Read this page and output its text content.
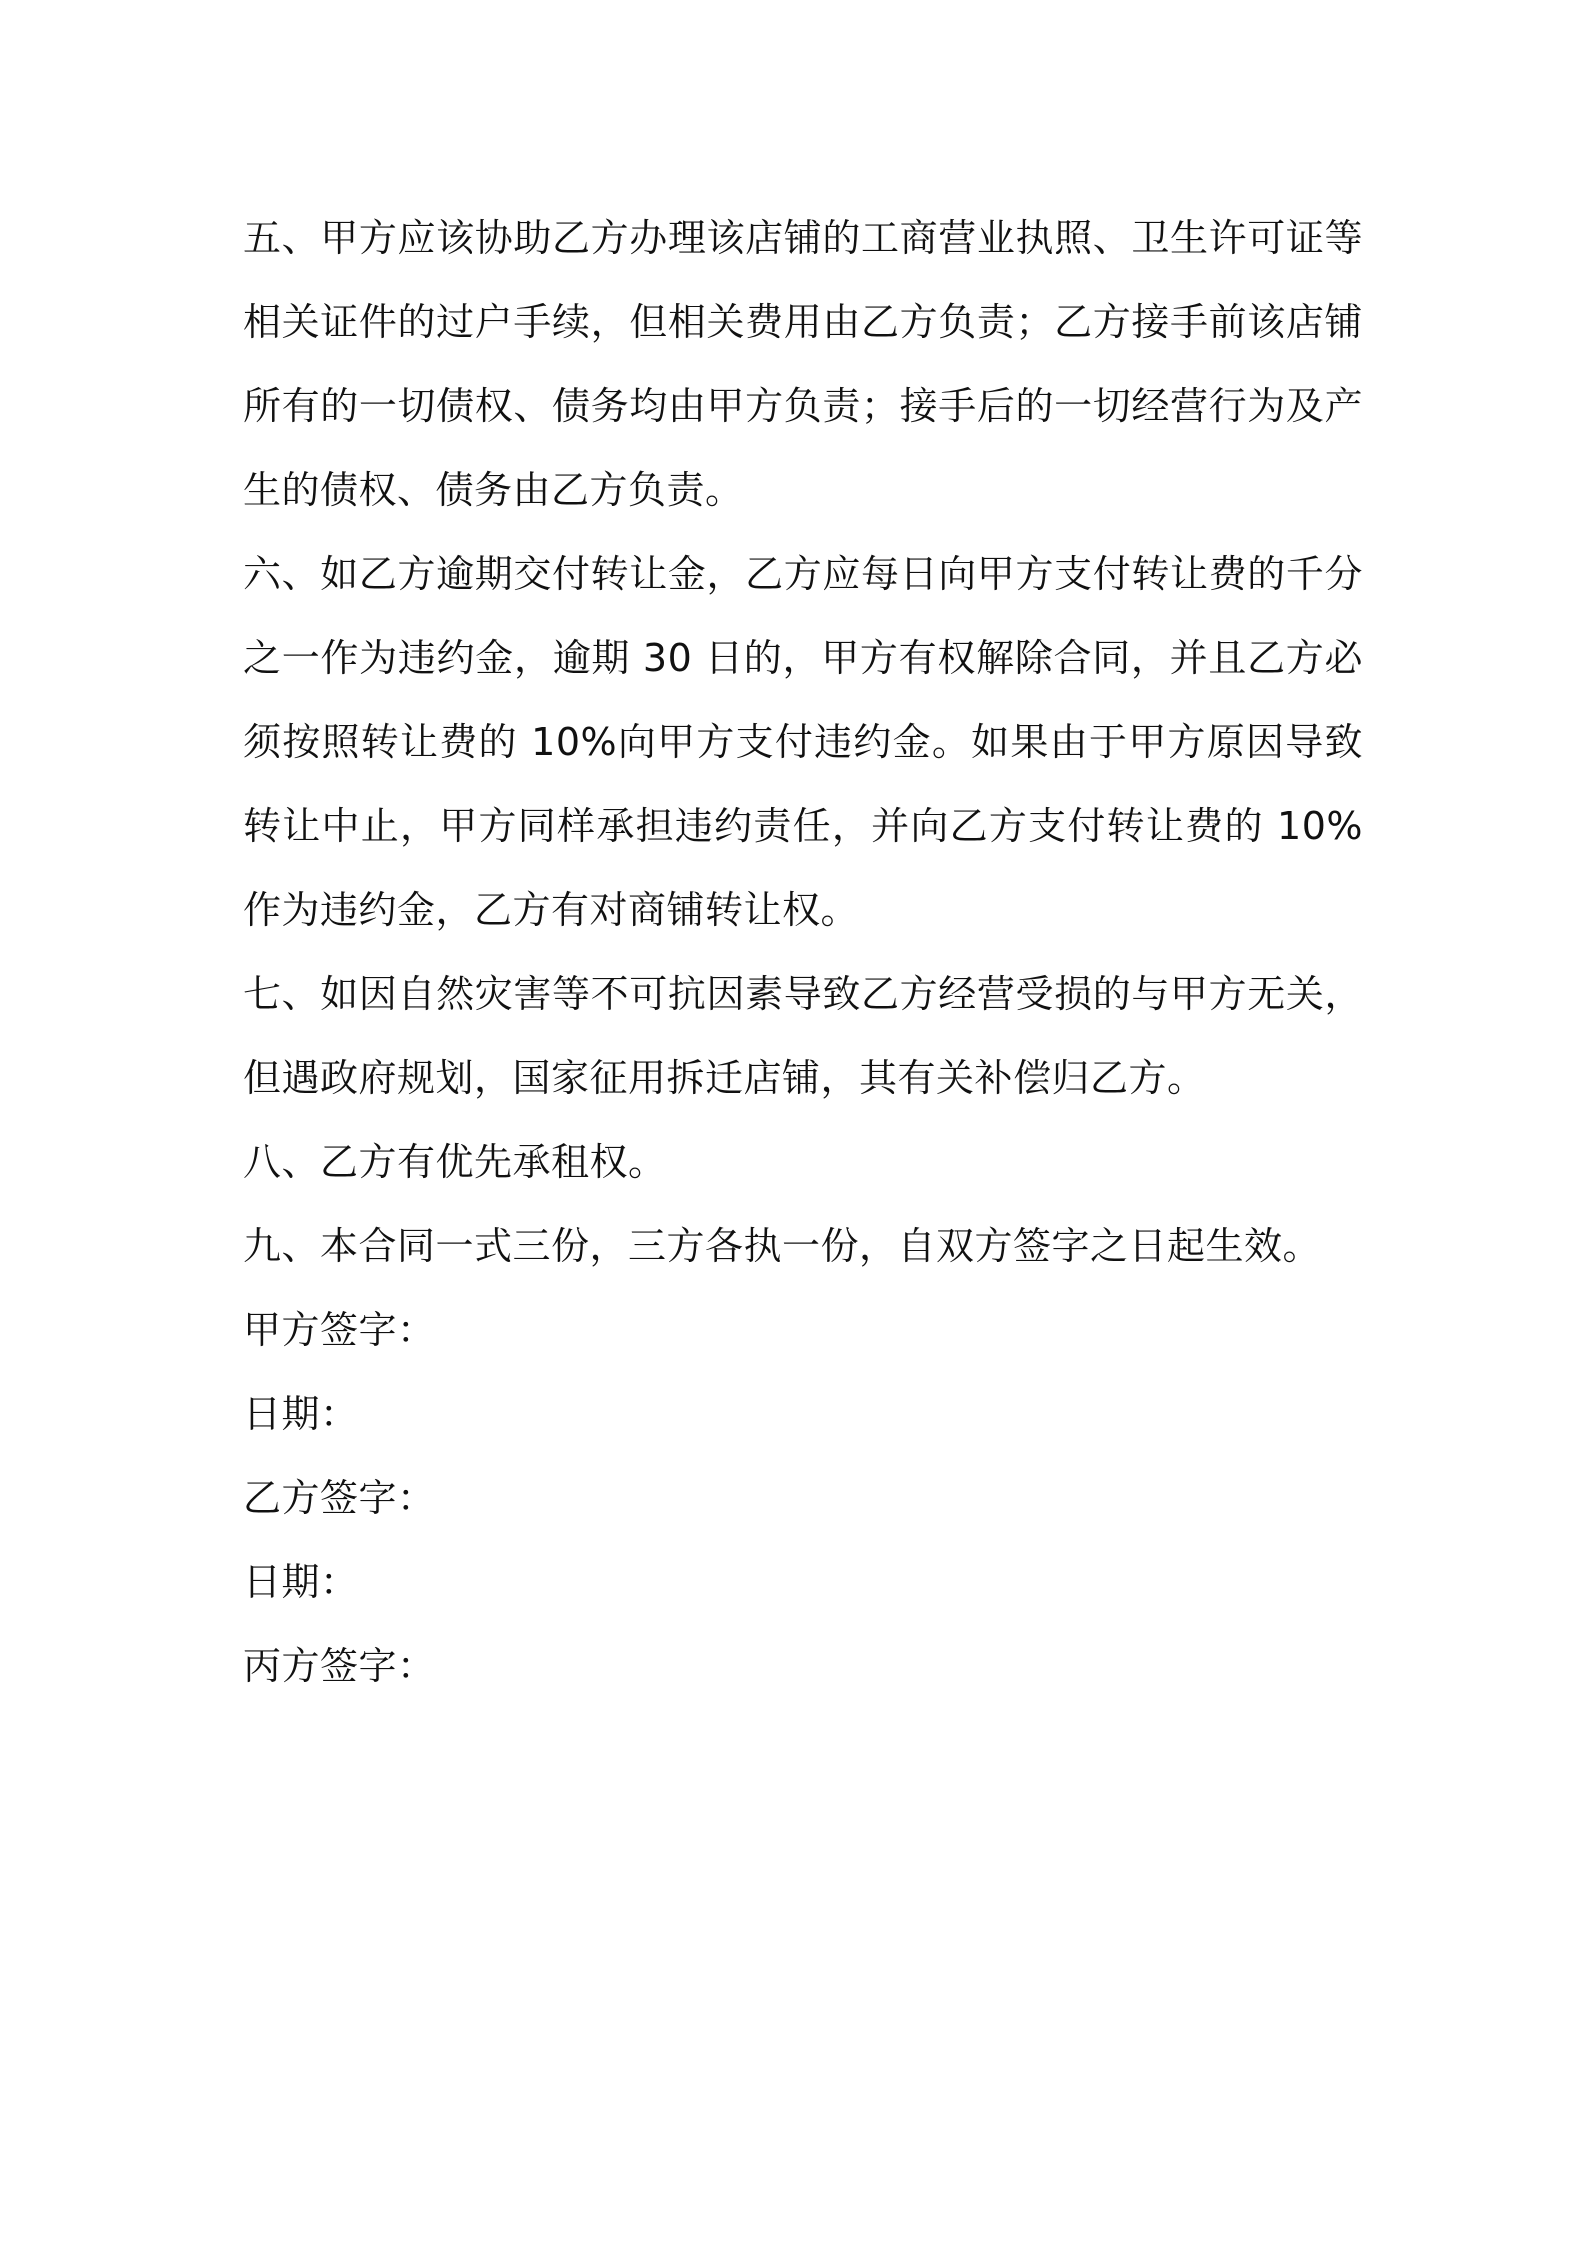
五、甲方应该协助乙方办理该店铺的工商营业执照、卫生许可证等相关证件的过户手续，但相关费用由乙方负责；乙方接手前该店铺所有的一切债权、债务均由甲方负责；接手后的一切经营行为及产生的债权、债务由乙方负责。

六、如乙方逾期交付转让金，乙方应每日向甲方支付转让费的千分之一作为违约金，逾期 30 日的，甲方有权解除合同，并且乙方必须按照转让费的 10%向甲方支付违约金。如果由于甲方原因导致转让中止，甲方同样承担违约责任，并向乙方支付转让费的 10%作为违约金，乙方有对商铺转让权。

七、如因自然灾害等不可抗因素导致乙方经营受损的与甲方无关，但遇政府规划，国家征用拆迁店铺，其有关补偿归乙方。

八、乙方有优先承租权。

九、本合同一式三份，三方各执一份，自双方签字之日起生效。

甲方签字：

日期：

乙方签字：

日期：

丙方签字：
